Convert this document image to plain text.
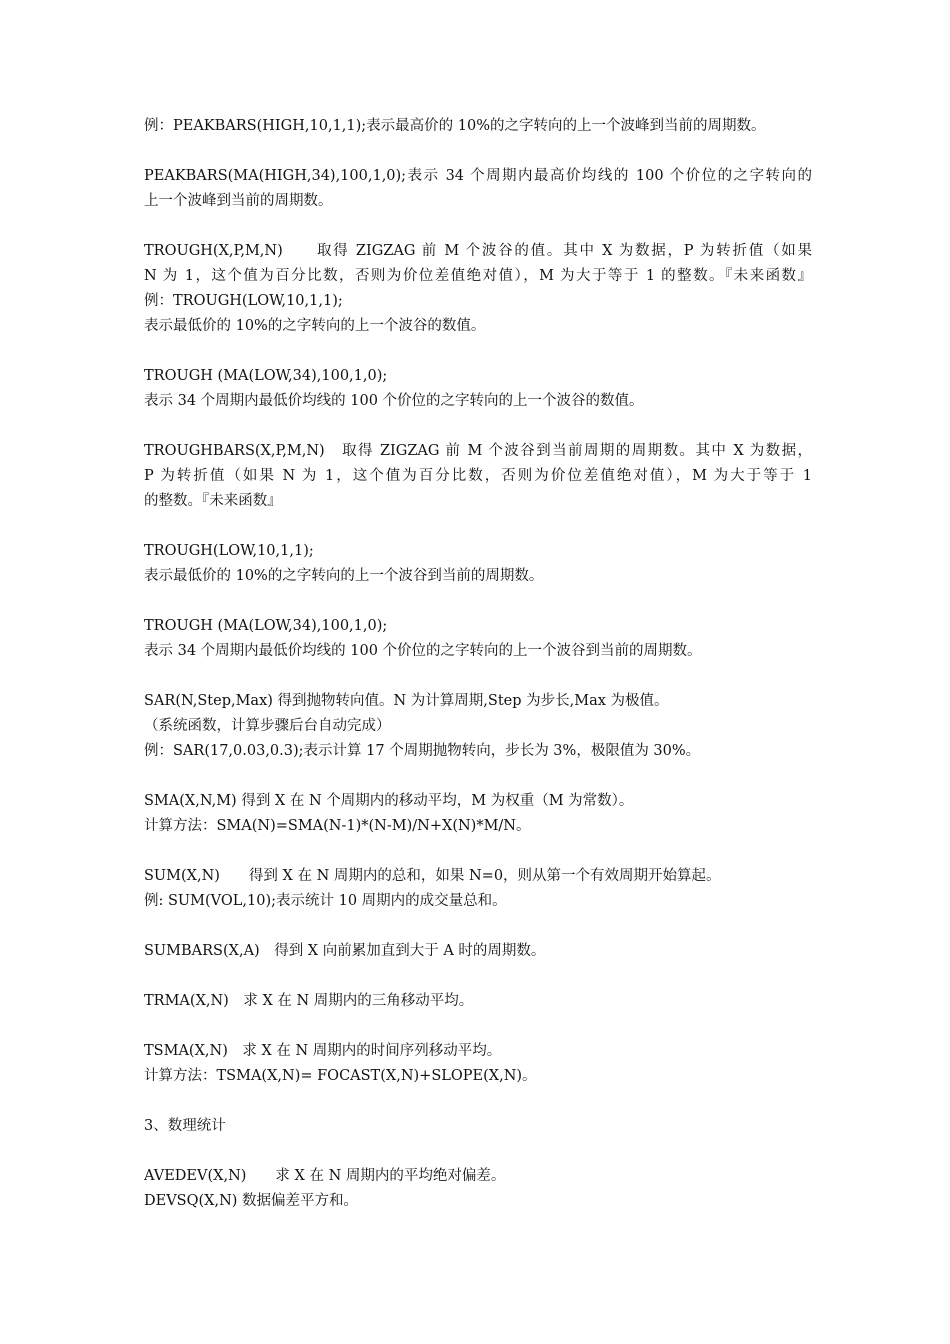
例：PEAKBARS(HIGH,10,1,1);表示最高价的 10%的之字转向的上一个波峰到当前的周期数。

PEAKBARS(MA(HIGH,34),100,1,0);表示 34 个周期内最高价均线的 100 个价位的之字转向的
上一个波峰到当前的周期数。

TROUGH(X,P,M,N)　　取得 ZIGZAG 前 M 个波谷的值。其中 X 为数据，P 为转折值（如果
N 为 1，这个值为百分比数，否则为价位差值绝对值），M 为大于等于 1 的整数。『未来函数』
例：TROUGH(LOW,10,1,1);
表示最低价的 10%的之字转向的上一个波谷的数值。

TROUGH (MA(LOW,34),100,1,0);
表示 34 个周期内最低价均线的 100 个价位的之字转向的上一个波谷的数值。

TROUGHBARS(X,P,M,N)　取得 ZIGZAG 前 M 个波谷到当前周期的周期数。其中 X 为数据，
P 为转折值（如果 N 为 1，这个值为百分比数，否则为价位差值绝对值），M 为大于等于 1
的整数。『未来函数』

TROUGH(LOW,10,1,1);
表示最低价的 10%的之字转向的上一个波谷到当前的周期数。

TROUGH (MA(LOW,34),100,1,0);
表示 34 个周期内最低价均线的 100 个价位的之字转向的上一个波谷到当前的周期数。

SAR(N,Step,Max) 得到抛物转向值。N 为计算周期,Step 为步长,Max 为极值。
（系统函数，计算步骤后台自动完成）
例：SAR(17,0.03,0.3);表示计算 17 个周期抛物转向，步长为 3%，极限值为 30%。

SMA(X,N,M) 得到 X 在 N 个周期内的移动平均，M 为权重（M 为常数）。
计算方法：SMA(N)=SMA(N-1)*(N-M)/N+X(N)*M/N。

SUM(X,N)　　得到 X 在 N 周期内的总和，如果 N=0，则从第一个有效周期开始算起。
例: SUM(VOL,10);表示统计 10 周期内的成交量总和。

SUMBARS(X,A)　得到 X 向前累加直到大于 A 时的周期数。

TRMA(X,N)　求 X 在 N 周期内的三角移动平均。

TSMA(X,N)　求 X 在 N 周期内的时间序列移动平均。
计算方法：TSMA(X,N)= FOCAST(X,N)+SLOPE(X,N)。

3、数理统计

AVEDEV(X,N)　　求 X 在 N 周期内的平均绝对偏差。
DEVSQ(X,N) 数据偏差平方和。
